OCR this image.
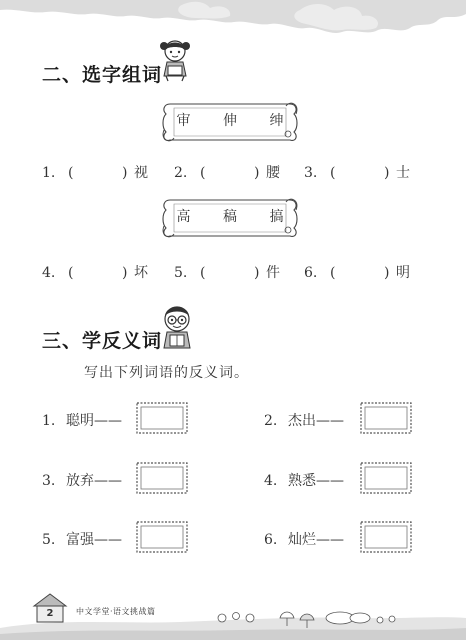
二、选字组词
审 伸 绅
1. (	) 视 2. (	) 腰 3. (	) 士
高 稿 搞
4. (	) 坏 5. (	) 件 6. (	) 明
三、学反义词
写出下列词语的反义词。
1. 聪明——	2. 杰出——
3. 放弃——	4. 熟悉——
5. 富强——	6. 灿烂——
2	中文学堂·语文挑战篇
